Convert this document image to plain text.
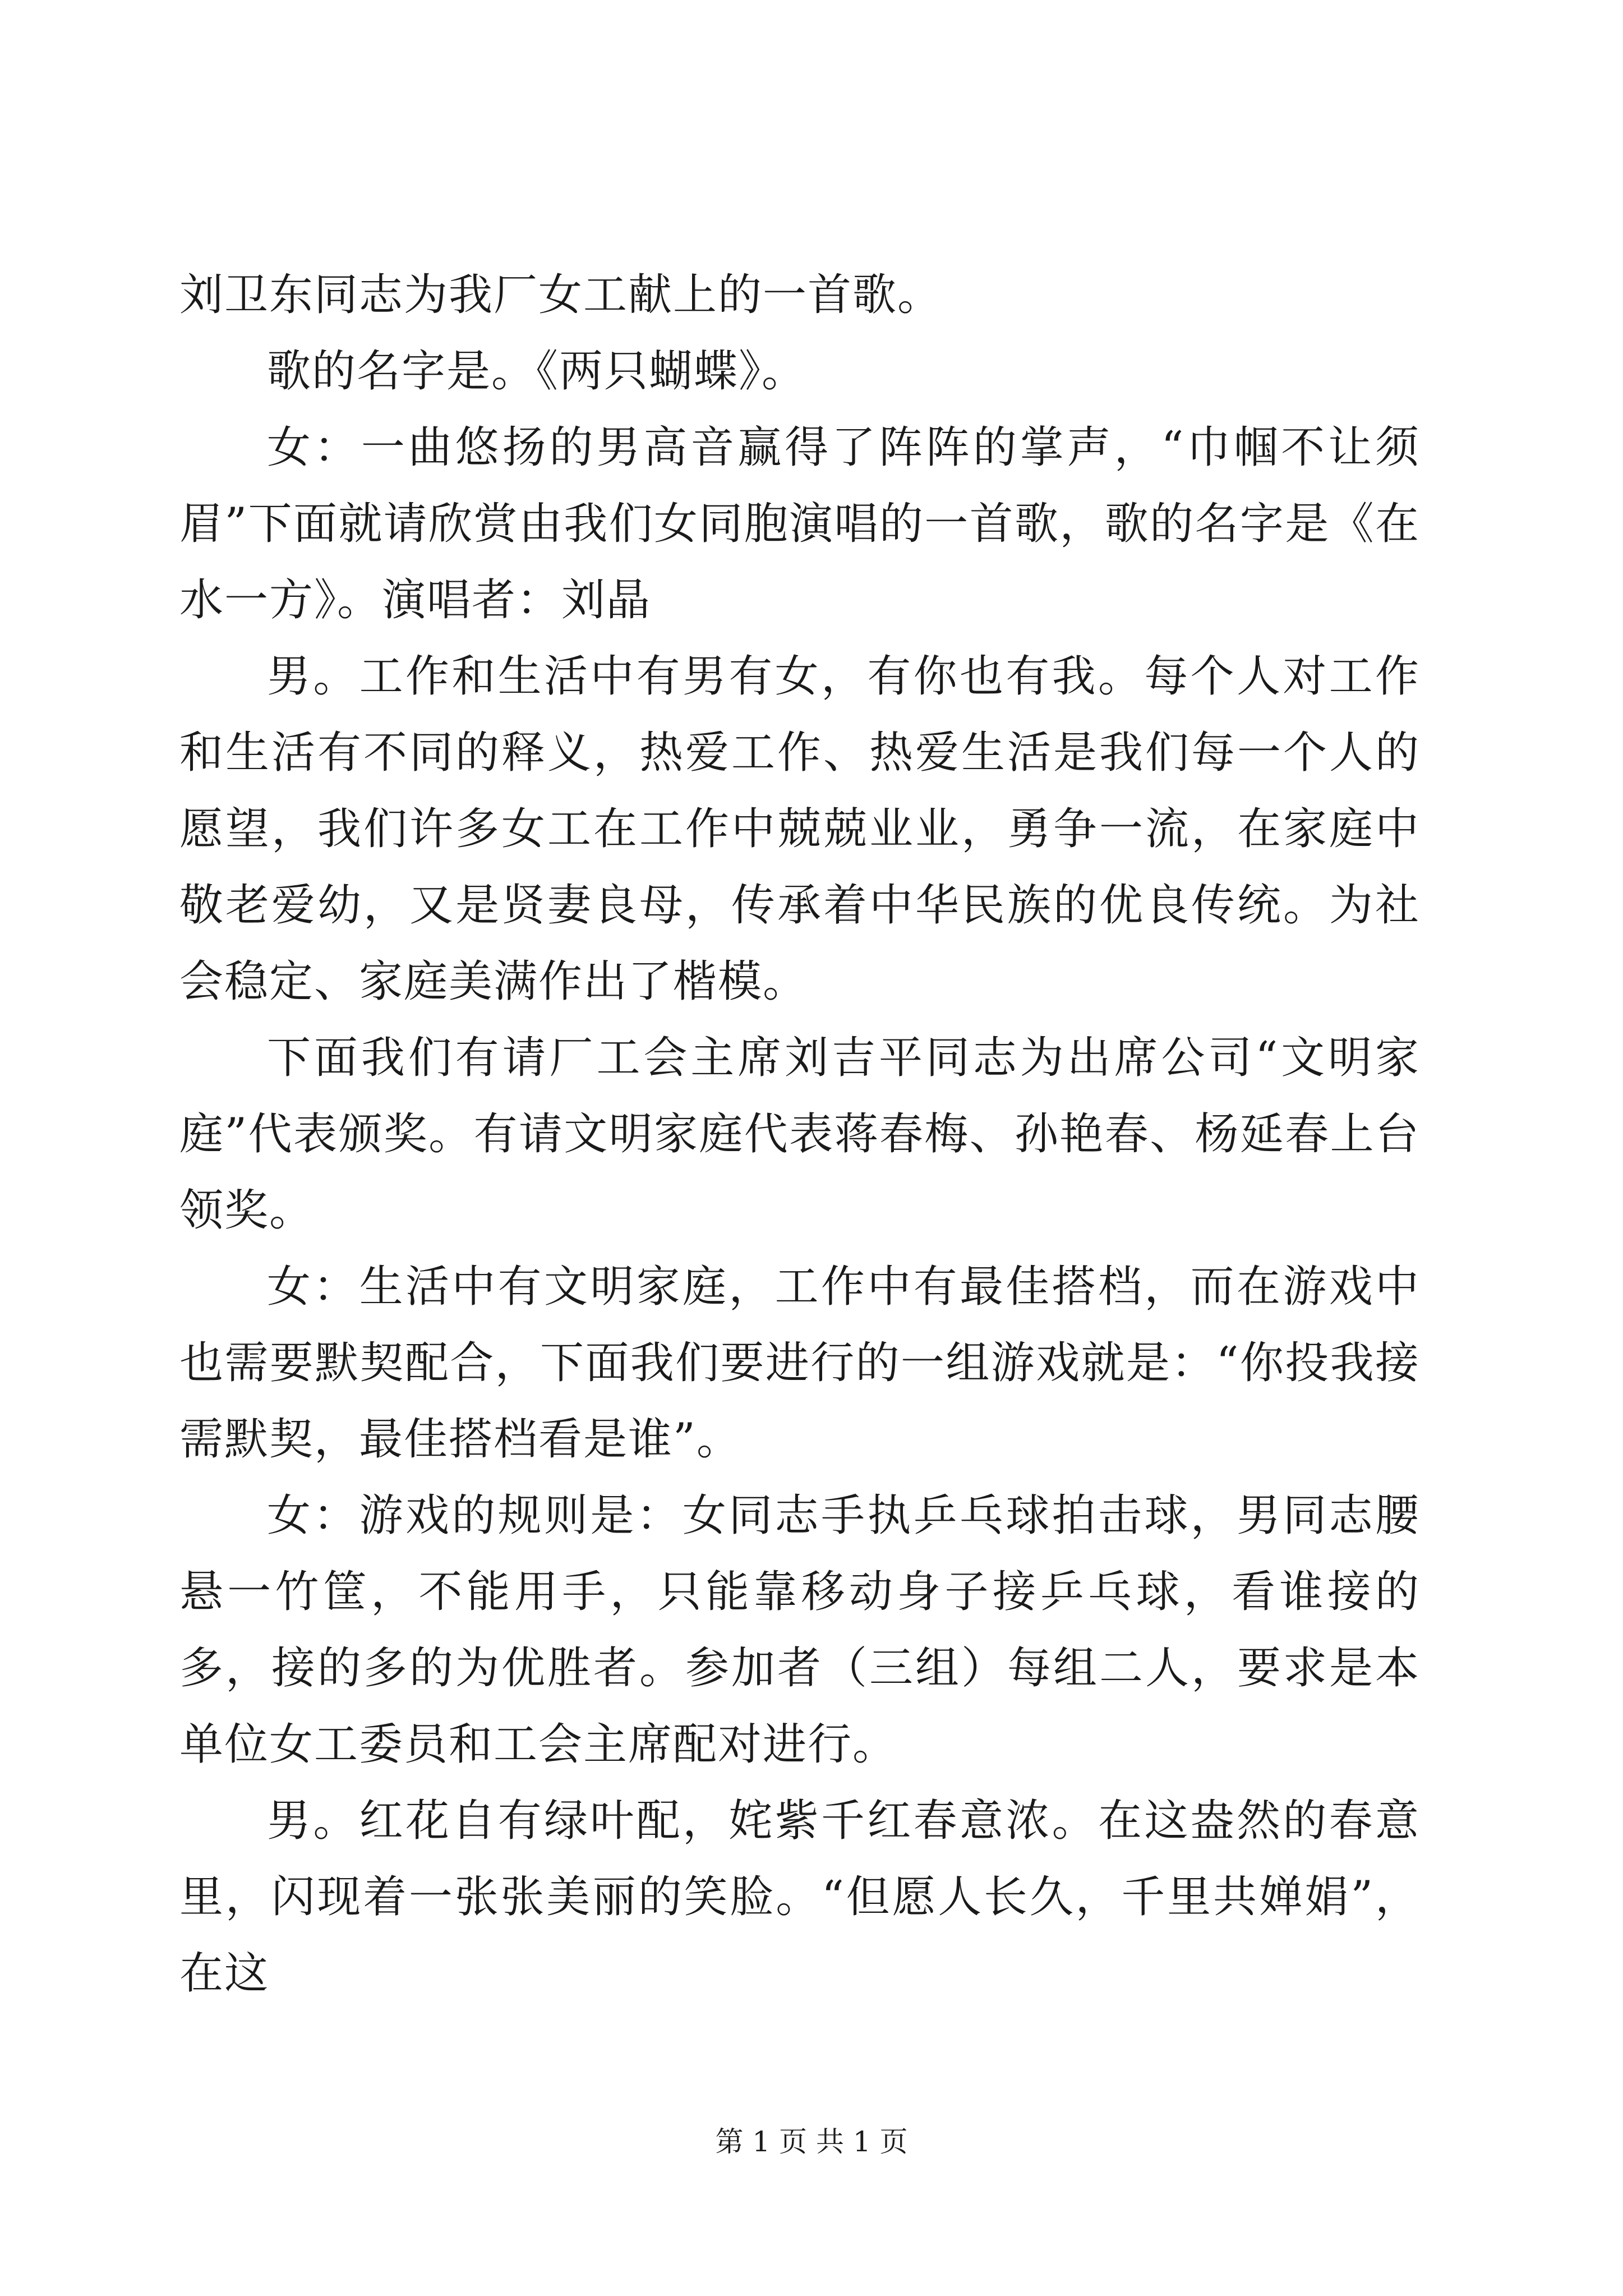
刘卫东同志为我厂女工献上的一首歌。

歌的名字是。《两只蝴蝶》。

女：一曲悠扬的男高音赢得了阵阵的掌声，“巾帼不让须眉”下面就请欣赏由我们女同胞演唱的一首歌，歌的名字是《在水一方》。演唱者：刘晶

男。工作和生活中有男有女，有你也有我。每个人对工作和生活有不同的释义，热爱工作、热爱生活是我们每一个人的愿望，我们许多女工在工作中兢兢业业，勇争一流，在家庭中敬老爱幼，又是贤妻良母，传承着中华民族的优良传统。为社会稳定、家庭美满作出了楷模。

下面我们有请厂工会主席刘吉平同志为出席公司“文明家庭”代表颁奖。有请文明家庭代表蒋春梅、孙艳春、杨延春上台领奖。

女：生活中有文明家庭，工作中有最佳搭档，而在游戏中也需要默契配合，下面我们要进行的一组游戏就是：“你投我接需默契，最佳搭档看是谁”。

女：游戏的规则是：女同志手执乒乓球拍击球，男同志腰悬一竹筐，不能用手，只能靠移动身子接乒乓球，看谁接的多，接的多的为优胜者。参加者（三组）每组二人，要求是本单位女工委员和工会主席配对进行。

男。红花自有绿叶配，姹紫千红春意浓。在这盎然的春意里，闪现着一张张美丽的笑脸。“但愿人长久，千里共婵娟”，在这

第 1 页 共 1 页
